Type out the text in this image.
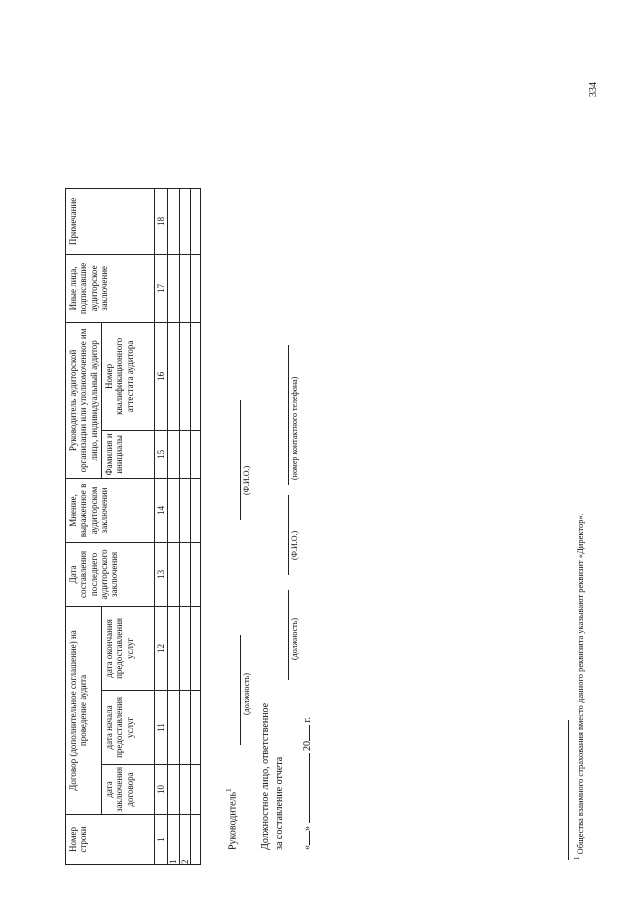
Номер строки	Договор (дополнительное соглашение) на проведение аудита			Дата составления последнего аудиторского заключения	Мнение, выраженное в аудиторском заключении	Руководитель аудиторской организации или уполномоченное им лицо, индивидуальный аудитор		Иные лица, подписавшие аудиторское заключение	Примечание
	дата заключения договора	дата начала предоставления услуг	дата окончания предоставления услуг			Фамилия и инициалы	Номер квалификационного аттестата аудитора		
1	10	11	12	13	14	15	16	17	18
1									
2									

Руководитель$^1$
(должность)
(Ф.И.О.)
Должностное лицо, ответственное за составление отчета
(должность)
(Ф.И.О.)
(номер контактного телефона)
«»  20 г.
334
$^1$ Общества взаимного страхования вместо данного реквизита указывают реквизит «Директор».
